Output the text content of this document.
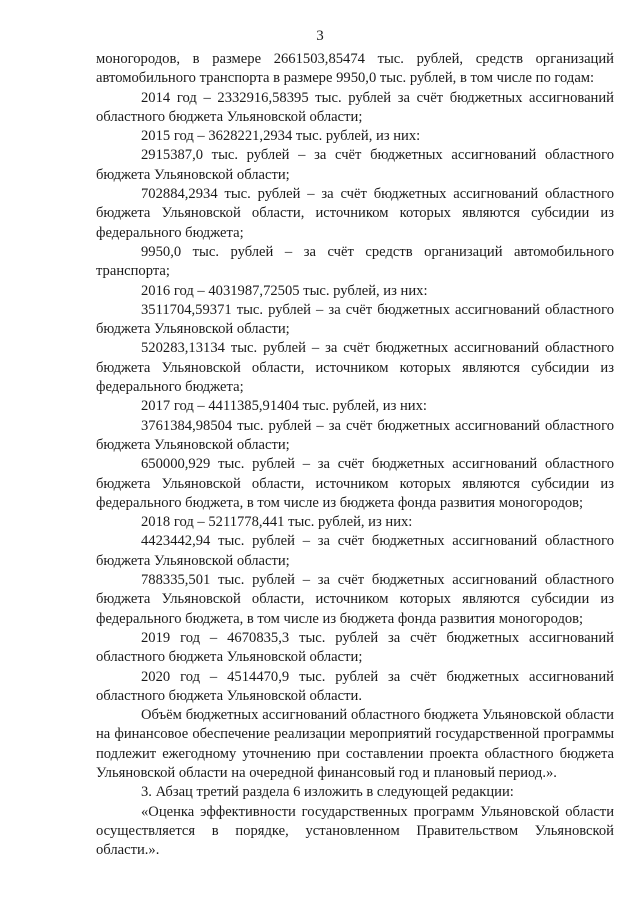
3

моногородов, в размере 2661503,85474 тыс. рублей, средств организаций автомобильного транспорта в размере 9950,0 тыс. рублей, в том числе по годам:

2014 год – 2332916,58395 тыс. рублей за счёт бюджетных ассигнований областного бюджета Ульяновской области;

2015 год – 3628221,2934 тыс. рублей, из них:

2915387,0 тыс. рублей – за счёт бюджетных ассигнований областного бюджета Ульяновской области;

702884,2934 тыс. рублей – за счёт бюджетных ассигнований областного бюджета Ульяновской области, источником которых являются субсидии из федерального бюджета;

9950,0 тыс. рублей – за счёт средств организаций автомобильного транспорта;

2016 год – 4031987,72505 тыс. рублей, из них:

3511704,59371 тыс. рублей – за счёт бюджетных ассигнований областного бюджета Ульяновской области;

520283,13134 тыс. рублей – за счёт бюджетных ассигнований областного бюджета Ульяновской области, источником которых являются субсидии из федерального бюджета;

2017 год – 4411385,91404 тыс. рублей, из них:

3761384,98504 тыс. рублей – за счёт бюджетных ассигнований областного бюджета Ульяновской области;

650000,929 тыс. рублей – за счёт бюджетных ассигнований областного бюджета Ульяновской области, источником которых являются субсидии из федерального бюджета, в том числе из бюджета фонда развития моногородов;

2018 год – 5211778,441 тыс. рублей, из них:

4423442,94 тыс. рублей – за счёт бюджетных ассигнований областного бюджета Ульяновской области;

788335,501 тыс. рублей – за счёт бюджетных ассигнований областного бюджета Ульяновской области, источником которых являются субсидии из федерального бюджета, в том числе из бюджета фонда развития моногородов;

2019 год – 4670835,3 тыс. рублей за счёт бюджетных ассигнований областного бюджета Ульяновской области;

2020 год – 4514470,9 тыс. рублей за счёт бюджетных ассигнований областного бюджета Ульяновской области.

Объём бюджетных ассигнований областного бюджета Ульяновской области на финансовое обеспечение реализации мероприятий государственной программы подлежит ежегодному уточнению при составлении проекта областного бюджета Ульяновской области на очередной финансовый год и плановый период.».

3. Абзац третий раздела 6 изложить в следующей редакции:

«Оценка эффективности государственных программ Ульяновской области осуществляется в порядке, установленном Правительством Ульяновской области.».
